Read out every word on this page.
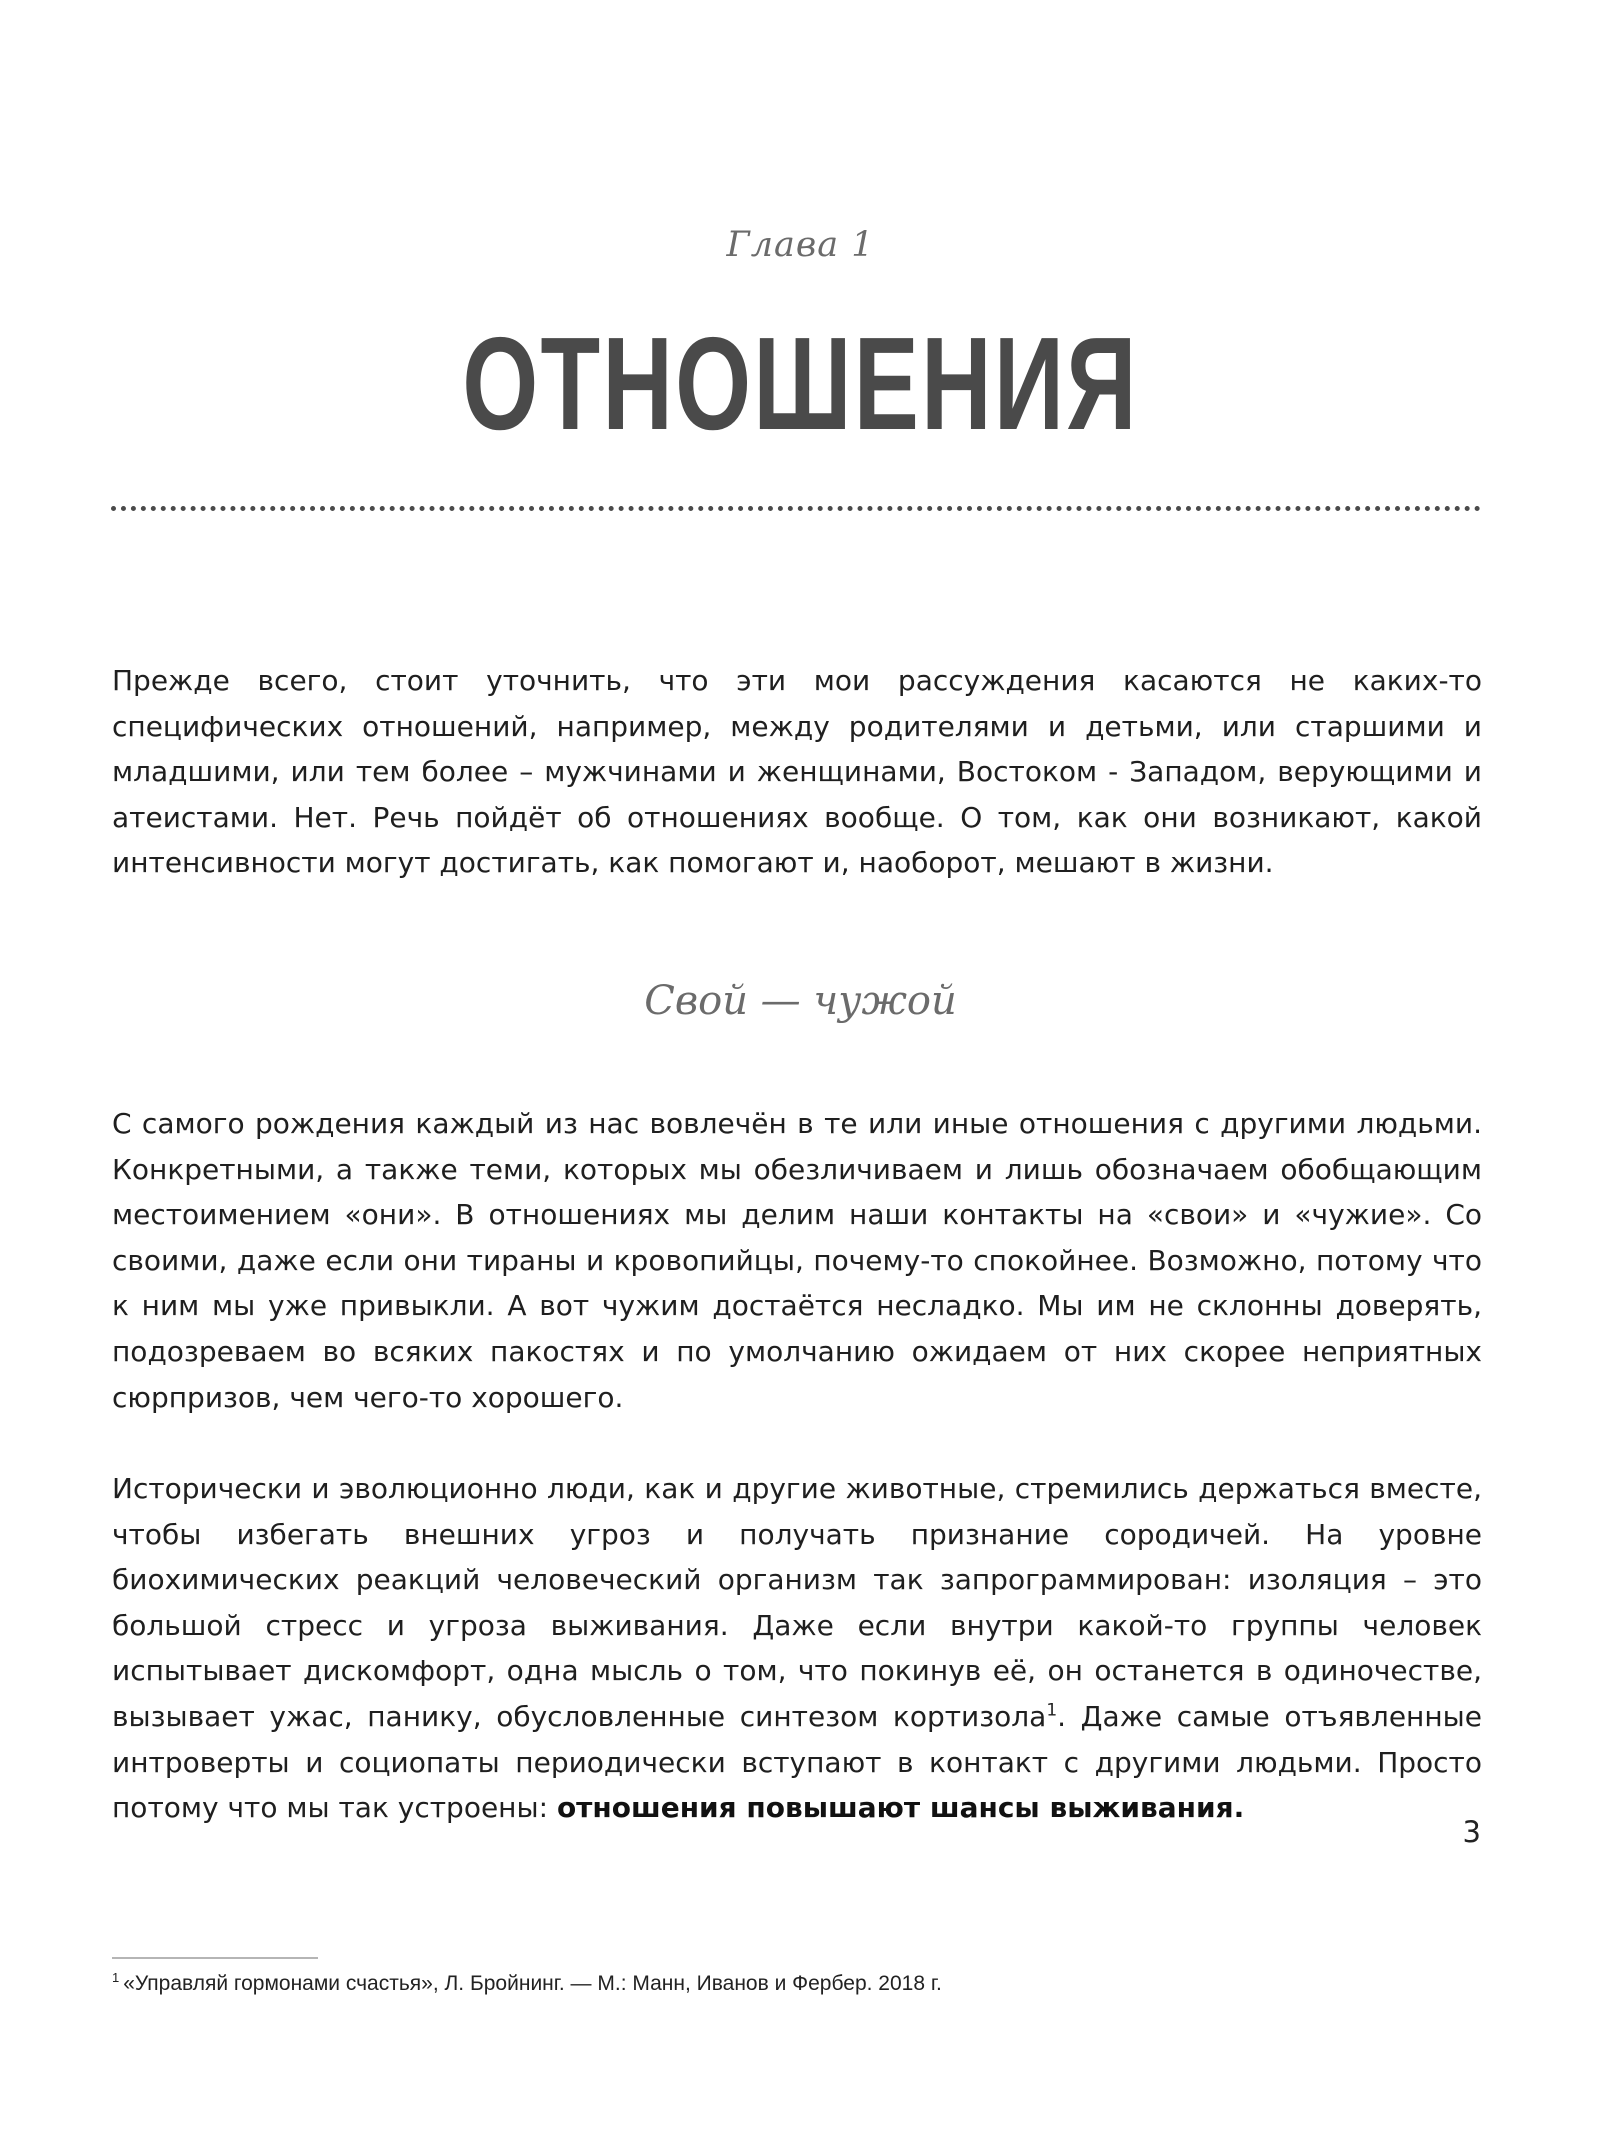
Глава 1
ОТНОШЕНИЯ

Прежде всего, стоит уточнить, что эти мои рассуждения касаются не каких-то специфических отношений, например, между родителями и детьми, или старшими и младшими, или тем более – мужчинами и женщинами, Востоком - Западом, верующими и атеистами. Нет. Речь пойдёт об отношениях вообще. О том, как они возникают, какой интенсивности могут достигать, как помогают и, наоборот, мешают в жизни.

Свой — чужой

С самого рождения каждый из нас вовлечён в те или иные отношения с другими людьми. Конкретными, а также теми, которых мы обезличиваем и лишь обозначаем обобщающим местоимением «они». В отношениях мы делим наши контакты на «свои» и «чужие». Со своими, даже если они тираны и кровопийцы, почему-то спокойнее. Возможно, потому что к ним мы уже привыкли. А вот чужим достаётся несладко. Мы им не склонны доверять, подозреваем во всяких пакостях и по умолчанию ожидаем от них скорее неприятных сюрпризов, чем чего-то хорошего.

Исторически и эволюционно люди, как и другие животные, стремились держаться вместе, чтобы избегать внешних угроз и получать признание сородичей. На уровне биохимических реакций человеческий организм так запрограммирован: изоляция – это большой стресс и угроза выживания. Даже если внутри какой-то группы человек испытывает дискомфорт, одна мысль о том, что покинув её, он останется в одиночестве, вызывает ужас, панику, обусловленные синтезом кортизола$^1$. Даже самые отъявленные интроверты и социопаты периодически вступают в контакт с другими людьми. Просто потому что мы так устроены: отношения повышают шансы выживания.

3
$^1$ «Управляй гормонами счастья», Л. Бройнинг. — М.: Манн, Иванов и Фербер. 2018 г.
